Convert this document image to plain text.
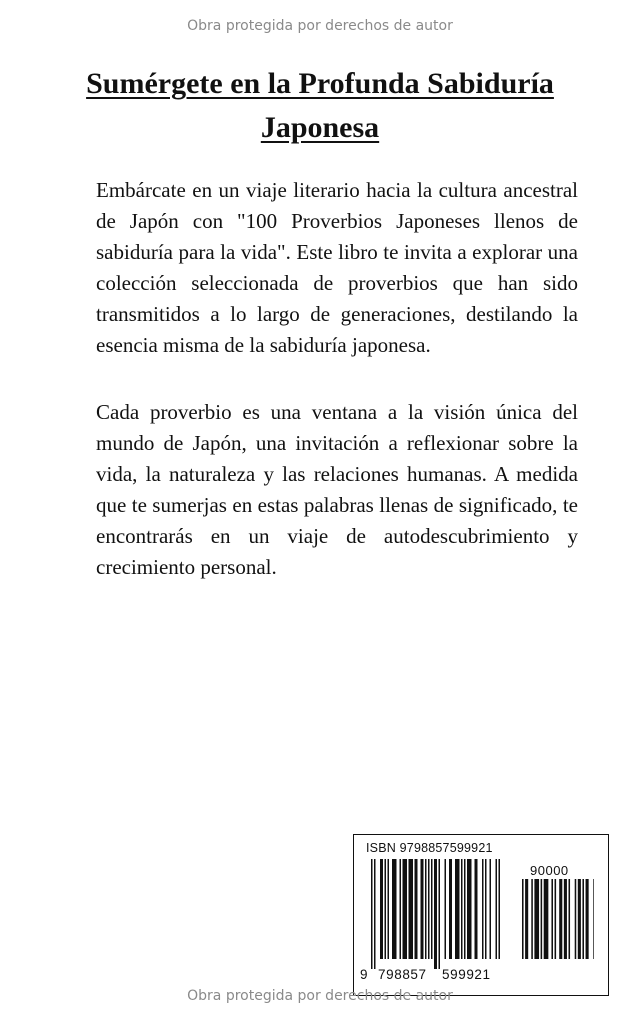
Obra protegida por derechos de autor
Sumérgete en la Profunda Sabiduría
Japonesa

Embárcate en un viaje literario hacia la cultura ancestral de Japón con "100 Proverbios Japoneses llenos de sabiduría para la vida". Este libro te invita a explorar una colección seleccionada de proverbios que han sido transmitidos a lo largo de generaciones, destilando la esencia misma de la sabiduría japonesa.

Cada proverbio es una ventana a la visión única del mundo de Japón, una invitación a reflexionar sobre la vida, la naturaleza y las relaciones humanas. A medida que te sumerjas en estas palabras llenas de significado, te encontrarás en un viaje de autodescubrimiento y crecimiento personal.

ISBN 9798857599921
90000
9 798857 599921
Obra protegida por derechos de autor
